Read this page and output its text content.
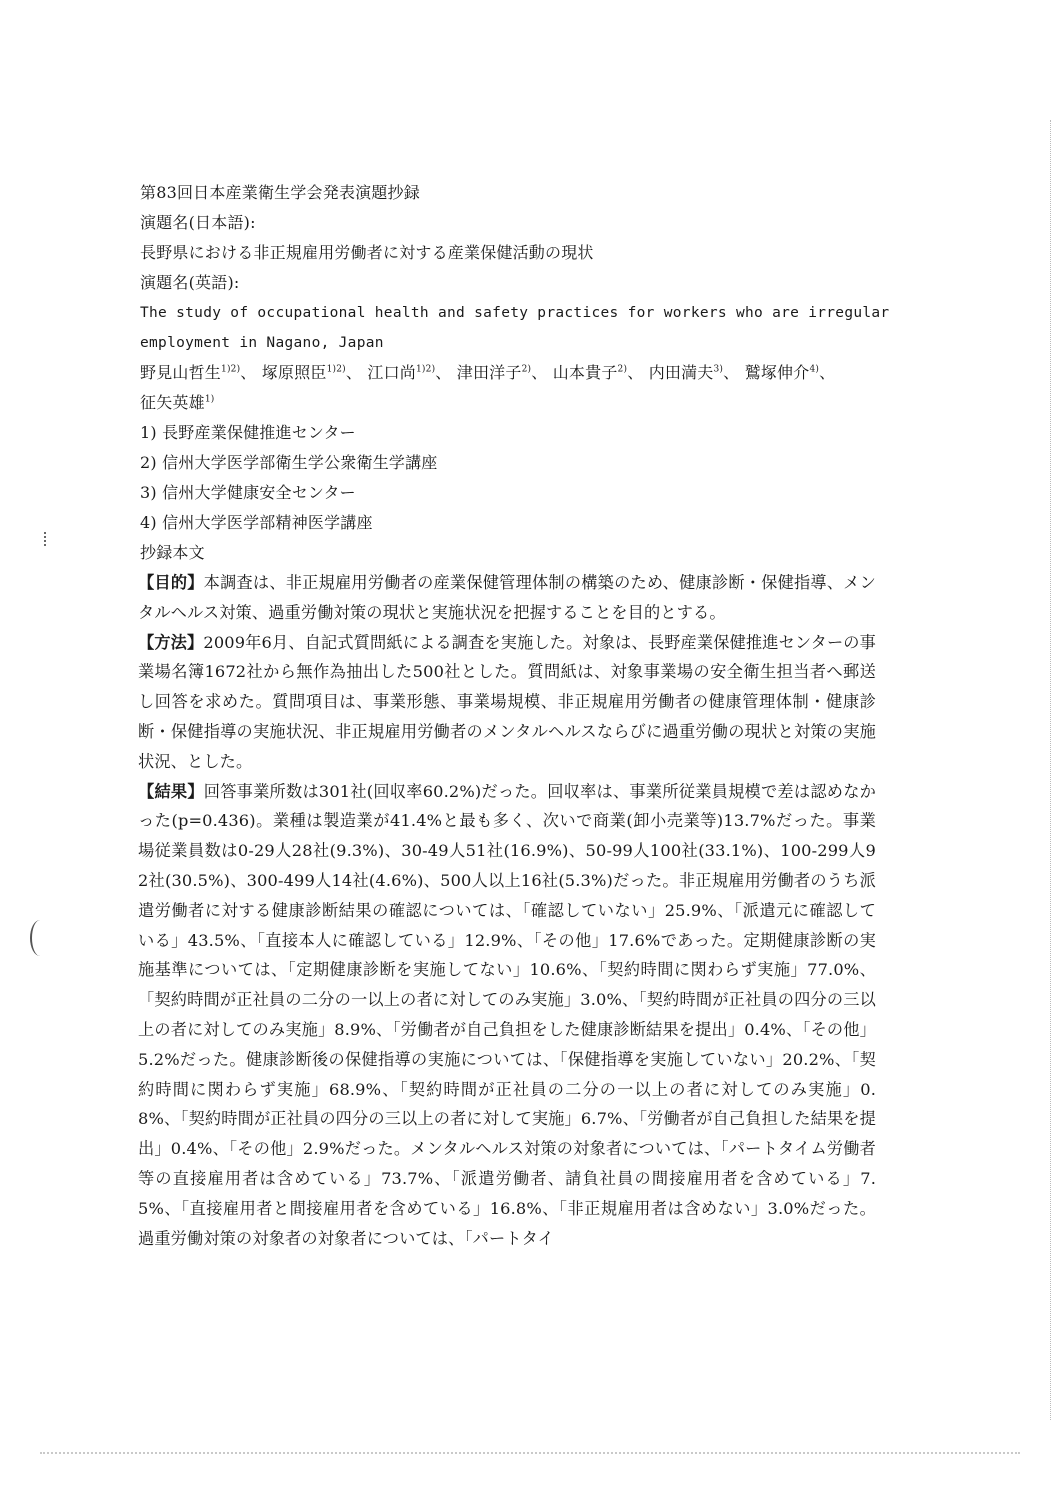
第83回日本産業衛生学会発表演題抄録
演題名(日本語):
長野県における非正規雇用労働者に対する産業保健活動の現状
演題名(英語):
The study of occupational health and safety practices for workers who are irregular
employment in Nagano, Japan
野見山哲生$^{1)2)}$、 塚原照臣$^{1)2)}$、 江口尚$^{1)2)}$、 津田洋子$^{2)}$、 山本貴子$^{2)}$、 内田満夫$^{3)}$、 鷲塚伸介$^{4)}$、
征矢英雄$^{1)}$
1) 長野産業保健推進センター
2) 信州大学医学部衛生学公衆衛生学講座
3) 信州大学健康安全センター
4) 信州大学医学部精神医学講座
抄録本文
【目的】本調査は、非正規雇用労働者の産業保健管理体制の構築のため、健康診断・保健指導、メンタルヘルス対策、過重労働対策の現状と実施状況を把握することを目的とする。
【方法】2009年6月、自記式質問紙による調査を実施した。対象は、長野産業保健推進センターの事業場名簿1672社から無作為抽出した500社とした。質問紙は、対象事業場の安全衛生担当者へ郵送し回答を求めた。質問項目は、事業形態、事業場規模、非正規雇用労働者の健康管理体制・健康診断・保健指導の実施状況、非正規雇用労働者のメンタルヘルスならびに過重労働の現状と対策の実施状況、とした。
【結果】回答事業所数は301社(回収率60.2%)だった。回収率は、事業所従業員規模で差は認めなかった(p=0.436)。業種は製造業が41.4%と最も多く、次いで商業(卸小売業等)13.7%だった。事業場従業員数は0-29人28社(9.3%)、30-49人51社(16.9%)、50-99人100社(33.1%)、100-299人92社(30.5%)、300-499人14社(4.6%)、500人以上16社(5.3%)だった。非正規雇用労働者のうち派遣労働者に対する健康診断結果の確認については、「確認していない」25.9%、「派遣元に確認している」43.5%、「直接本人に確認している」12.9%、「その他」17.6%であった。定期健康診断の実施基準については、「定期健康診断を実施してない」10.6%、「契約時間に関わらず実施」77.0%、「契約時間が正社員の二分の一以上の者に対してのみ実施」3.0%、「契約時間が正社員の四分の三以上の者に対してのみ実施」8.9%、「労働者が自己負担をした健康診断結果を提出」0.4%、「その他」5.2%だった。健康診断後の保健指導の実施については、「保健指導を実施していない」20.2%、「契約時間に関わらず実施」68.9%、「契約時間が正社員の二分の一以上の者に対してのみ実施」0.8%、「契約時間が正社員の四分の三以上の者に対して実施」6.7%、「労働者が自己負担した結果を提出」0.4%、「その他」2.9%だった。メンタルヘルス対策の対象者については、「パートタイム労働者等の直接雇用者は含めている」73.7%、「派遣労働者、請負社員の間接雇用者を含めている」7.5%、「直接雇用者と間接雇用者を含めている」16.8%、「非正規雇用者は含めない」3.0%だった。過重労働対策の対象者の対象者については、「パートタイ
